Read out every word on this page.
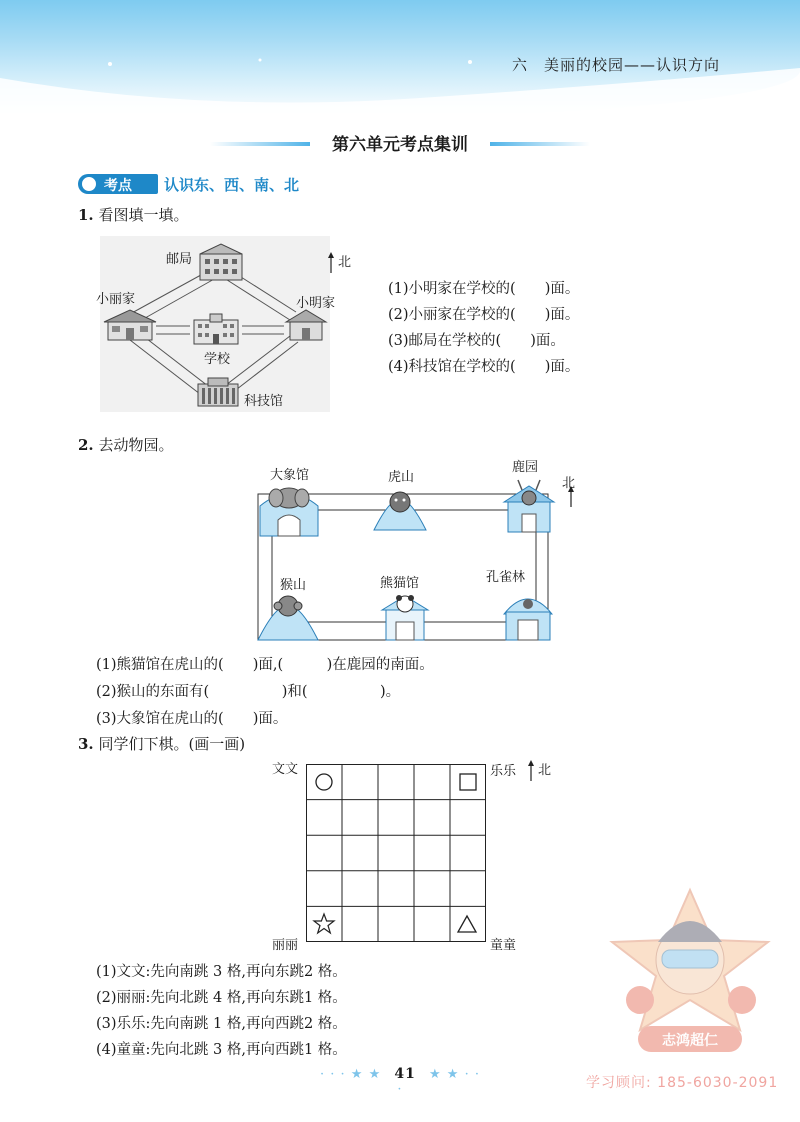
六　美丽的校园——认识方向
第六单元考点集训
考点 认识东、西、南、北
1. 看图填一填。
邮局
小丽家	小明家
学校
科技馆
北
(1)小明家在学校的(　　)面。
(2)小丽家在学校的(　　)面。
(3)邮局在学校的(　　)面。
(4)科技馆在学校的(　　)面。
2. 去动物园。
大象馆	虎山
鹿园
猴山	熊猫馆	孔雀林
北
(1)熊猫馆在虎山的(　　)面,(　　　)在鹿园的南面。
(2)猴山的东面有(　　　　　)和(　　　　　)。
(3)大象馆在虎山的(　　)面。
3. 同学们下棋。(画一画)
文文	乐乐
丽丽	童童
北
(1)文文:先向南跳 3 格,再向东跳2 格。
(2)丽丽:先向北跳 4 格,再向东跳1 格。
(3)乐乐:先向南跳 1 格,再向西跳2 格。
(4)童童:先向北跳 3 格,再向西跳1 格。
志鸿超仁
学习顾问: 185-6030-2091
· · · ★ ★ 41 ★ ★ · · ·
